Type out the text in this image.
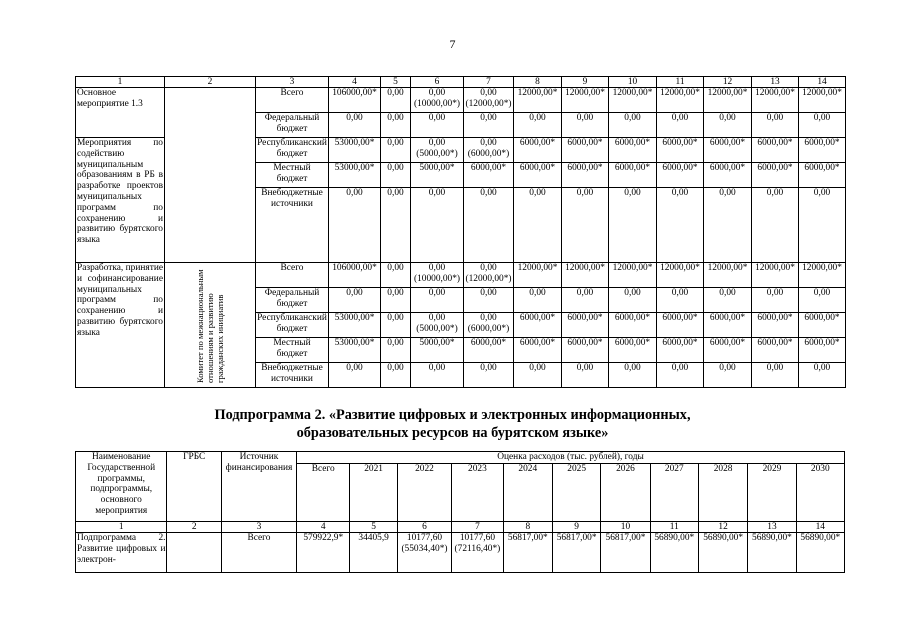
7
1	2	3	4	5	6	7	8	9	10	11	12	13	14
Основное мероприятие 1.3		Всего	106000,00*	0,00	0,00 (10000,00*)	0,00 (12000,00*)	12000,00*	12000,00*	12000,00*	12000,00*	12000,00*	12000,00*	12000,00*
		Федеральный бюджет	0,00	0,00	0,00	0,00	0,00	0,00	0,00	0,00	0,00	0,00	0,00
Мероприятия по содействию муниципальным образованиям в РБ в разработке проектов муниципальных программ по сохранению и развитию бурятского языка		Республиканский бюджет	53000,00*	0,00	0,00 (5000,00*)	0,00 (6000,00*)	6000,00*	6000,00*	6000,00*	6000,00*	6000,00*	6000,00*	6000,00*
		Местный бюджет	53000,00*	0,00	5000,00*	6000,00*	6000,00*	6000,00*	6000,00*	6000,00*	6000,00*	6000,00*	6000,00*
		Внебюджетные источники	0,00	0,00	0,00	0,00	0,00	0,00	0,00	0,00	0,00	0,00	0,00
Разработка, принятие и софинансирование муниципальных программ по сохранению и развитию бурятского языка	Комитет по межнациональным отношениям и развитию гражданских инициатив	Всего	106000,00*	0,00	0,00 (10000,00*)	0,00 (12000,00*)	12000,00*	12000,00*	12000,00*	12000,00*	12000,00*	12000,00*	12000,00*
		Федеральный бюджет	0,00	0,00	0,00	0,00	0,00	0,00	0,00	0,00	0,00	0,00	0,00
		Республиканский бюджет	53000,00*	0,00	0,00 (5000,00*)	0,00 (6000,00*)	6000,00*	6000,00*	6000,00*	6000,00*	6000,00*	6000,00*	6000,00*
		Местный бюджет	53000,00*	0,00	5000,00*	6000,00*	6000,00*	6000,00*	6000,00*	6000,00*	6000,00*	6000,00*	6000,00*
		Внебюджетные источники	0,00	0,00	0,00	0,00	0,00	0,00	0,00	0,00	0,00	0,00	0,00
Подпрограмма 2. «Развитие цифровых и электронных информационных,
образовательных ресурсов на бурятском языке»
Наименование Государственной программы, подпрограммы, основного мероприятия	ГРБС	Источник финансирования	Оценка расходов (тыс. рублей), годы										
			Всего	2021	2022	2023	2024	2025	2026	2027	2028	2029	2030
1	2	3	4	5	6	7	8	9	10	11	12	13	14
Подпрограмма 2. Развитие цифровых и электрон-		Всего	579922,9*	34405,9	10177,60 (55034,40*)	10177,60 (72116,40*)	56817,00*	56817,00*	56817,00*	56890,00*	56890,00*	56890,00*	56890,00*
